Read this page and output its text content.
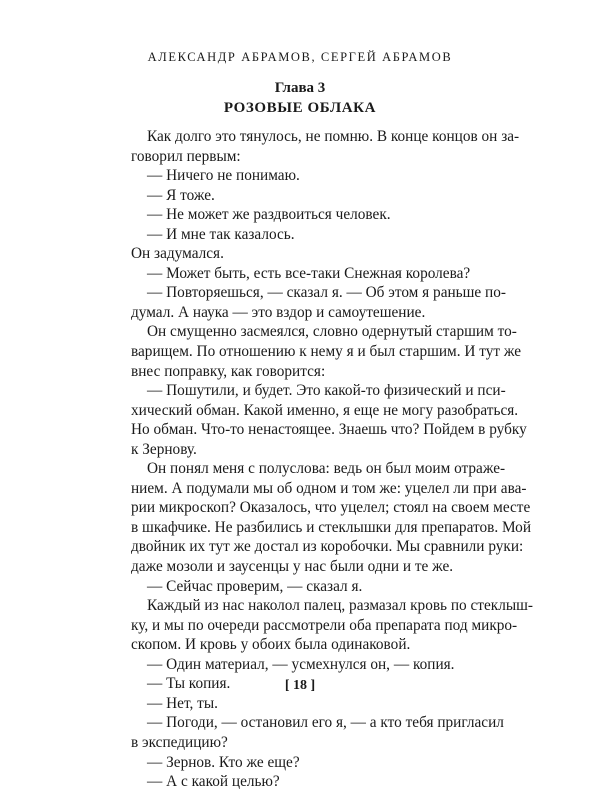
АЛЕКСАНДР АБРАМОВ, СЕРГЕЙ АБРАМОВ
Глава 3
РОЗОВЫЕ ОБЛАКА
Как долго это тянулось, не помню. В конце концов он за-
говорил первым:
— Ничего не понимаю.
— Я тоже.
— Не может же раздвоиться человек.
— И мне так казалось.
Он задумался.
— Может быть, есть все-таки Снежная королева?
— Повторяешься, — сказал я. — Об этом я раньше по-
думал. А наука — это вздор и самоутешение.
Он смущенно засмеялся, словно одернутый старшим то-
варищем. По отношению к нему я и был старшим. И тут же
внес поправку, как говорится:
— Пошутили, и будет. Это какой-то физический и пси-
хический обман. Какой именно, я еще не могу разобраться.
Но обман. Что-то ненастоящее. Знаешь что? Пойдем в рубку
к Зернову.
Он понял меня с полуслова: ведь он был моим отраже-
нием. А подумали мы об одном и том же: уцелел ли при ава-
рии микроскоп? Оказалось, что уцелел; стоял на своем месте
в шкафчике. Не разбились и стеклышки для препаратов. Мой
двойник их тут же достал из коробочки. Мы сравнили руки:
даже мозоли и заусенцы у нас были одни и те же.
— Сейчас проверим, — сказал я.
Каждый из нас наколол палец, размазал кровь по стеклыш-
ку, и мы по очереди рассмотрели оба препарата под микро-
скопом. И кровь у обоих была одинаковой.
— Один материал, — усмехнулся он, — копия.
— Ты копия.
— Нет, ты.
— Погоди, — остановил его я, — а кто тебя пригласил
в экспедицию?
— Зернов. Кто же еще?
— А с какой целью?
[ 18 ]
